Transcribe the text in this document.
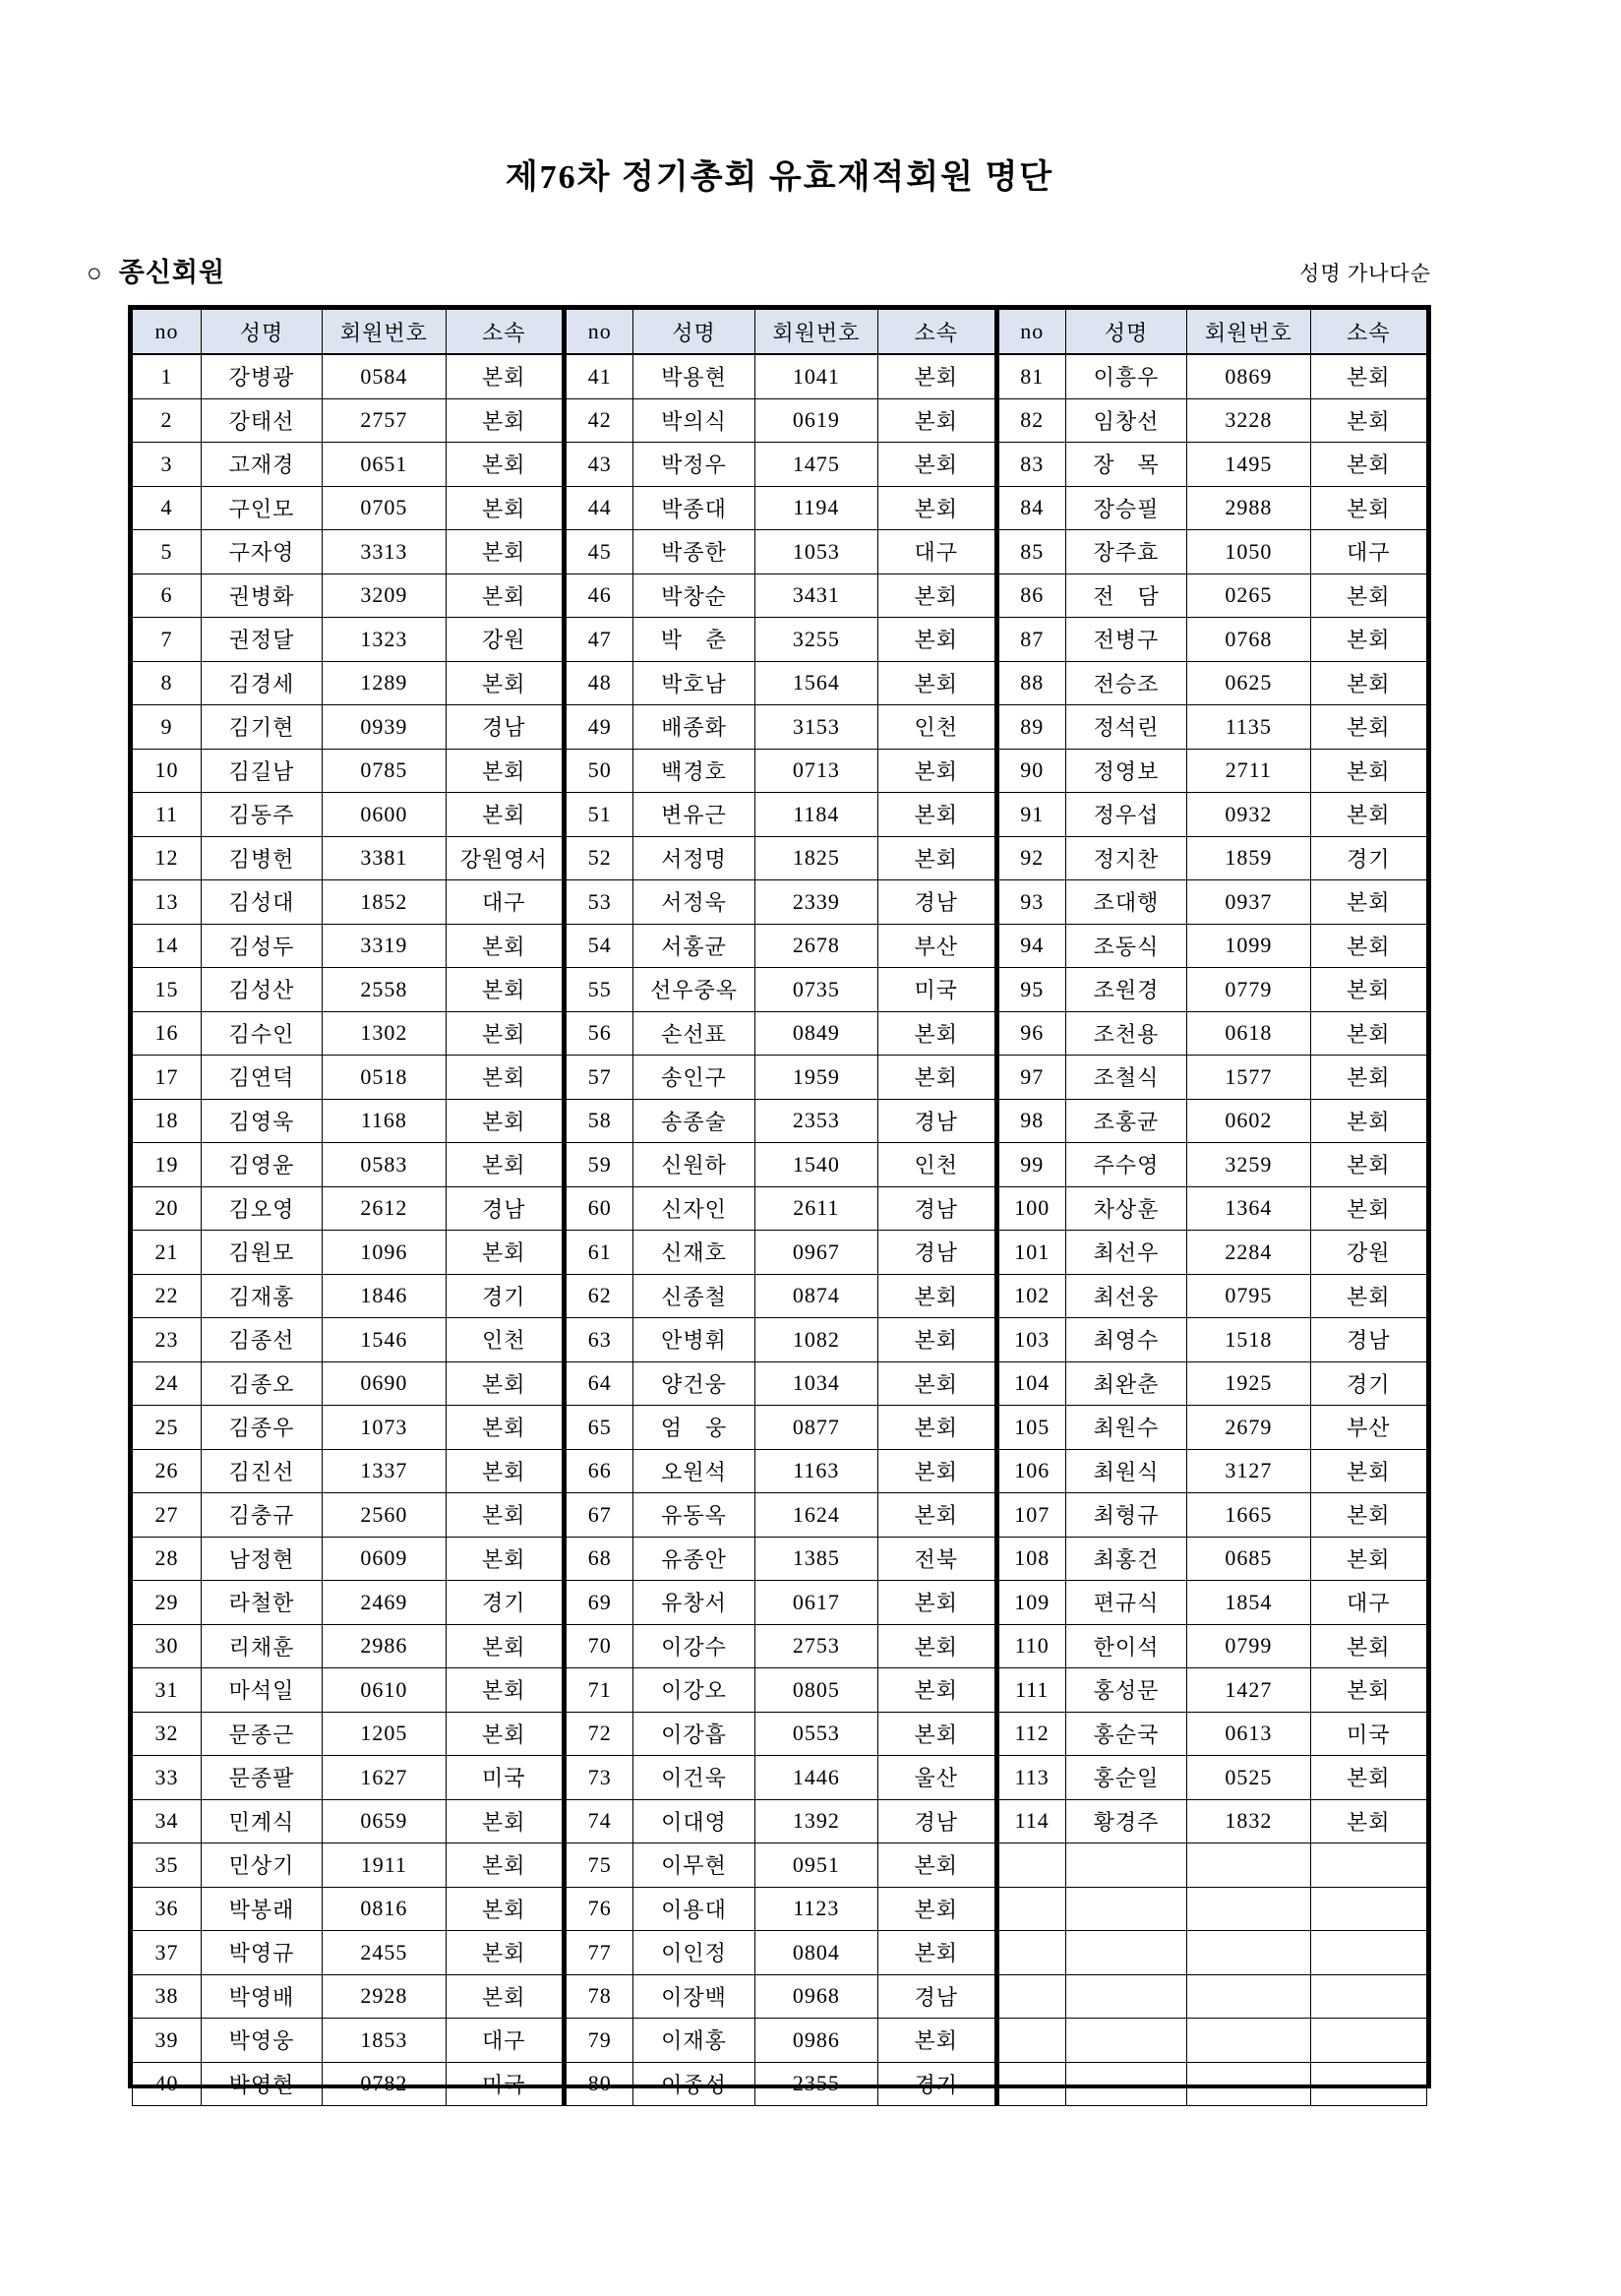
제76차 정기총회 유효재적회원 명단
○ 종신회원	성명 가나다순
no	성명	회원번호	소속
1	강병광	0584	본회
2	강태선	2757	본회
3	고재경	0651	본회
4	구인모	0705	본회
5	구자영	3313	본회
6	권병화	3209	본회
7	권정달	1323	강원
8	김경세	1289	본회
9	김기현	0939	경남
10	김길남	0785	본회
11	김동주	0600	본회
12	김병헌	3381	강원영서
13	김성대	1852	대구
14	김성두	3319	본회
15	김성산	2558	본회
16	김수인	1302	본회
17	김연덕	0518	본회
18	김영욱	1168	본회
19	김영윤	0583	본회
20	김오영	2612	경남
21	김원모	1096	본회
22	김재홍	1846	경기
23	김종선	1546	인천
24	김종오	0690	본회
25	김종우	1073	본회
26	김진선	1337	본회
27	김충규	2560	본회
28	남정현	0609	본회
29	라철한	2469	경기
30	리채훈	2986	본회
31	마석일	0610	본회
32	문종근	1205	본회
33	문종팔	1627	미국
34	민계식	0659	본회
35	민상기	1911	본회
36	박봉래	0816	본회
37	박영규	2455	본회
38	박영배	2928	본회
39	박영웅	1853	대구
40	박영현	0782	미국
no	성명	회원번호	소속
41	박용현	1041	본회
42	박의식	0619	본회
43	박정우	1475	본회
44	박종대	1194	본회
45	박종한	1053	대구
46	박창순	3431	본회
47	박　춘	3255	본회
48	박호남	1564	본회
49	배종화	3153	인천
50	백경호	0713	본회
51	변유근	1184	본회
52	서정명	1825	본회
53	서정욱	2339	경남
54	서홍균	2678	부산
55	선우중옥	0735	미국
56	손선표	0849	본회
57	송인구	1959	본회
58	송종술	2353	경남
59	신원하	1540	인천
60	신자인	2611	경남
61	신재호	0967	경남
62	신종철	0874	본회
63	안병휘	1082	본회
64	양건웅	1034	본회
65	엄　웅	0877	본회
66	오원석	1163	본회
67	유동옥	1624	본회
68	유종안	1385	전북
69	유창서	0617	본회
70	이강수	2753	본회
71	이강오	0805	본회
72	이강흡	0553	본회
73	이건욱	1446	울산
74	이대영	1392	경남
75	이무현	0951	본회
76	이용대	1123	본회
77	이인정	0804	본회
78	이장백	0968	경남
79	이재홍	0986	본회
80	이종성	2355	경기
no	성명	회원번호	소속
81	이흥우	0869	본회
82	임창선	3228	본회
83	장　목	1495	본회
84	장승필	2988	본회
85	장주효	1050	대구
86	전　담	0265	본회
87	전병구	0768	본회
88	전승조	0625	본회
89	정석린	1135	본회
90	정영보	2711	본회
91	정우섭	0932	본회
92	정지찬	1859	경기
93	조대행	0937	본회
94	조동식	1099	본회
95	조원경	0779	본회
96	조천용	0618	본회
97	조철식	1577	본회
98	조홍균	0602	본회
99	주수영	3259	본회
100	차상훈	1364	본회
101	최선우	2284	강원
102	최선웅	0795	본회
103	최영수	1518	경남
104	최완춘	1925	경기
105	최원수	2679	부산
106	최원식	3127	본회
107	최형규	1665	본회
108	최홍건	0685	본회
109	편규식	1854	대구
110	한이석	0799	본회
111	홍성문	1427	본회
112	홍순국	0613	미국
113	홍순일	0525	본회
114	황경주	1832	본회
